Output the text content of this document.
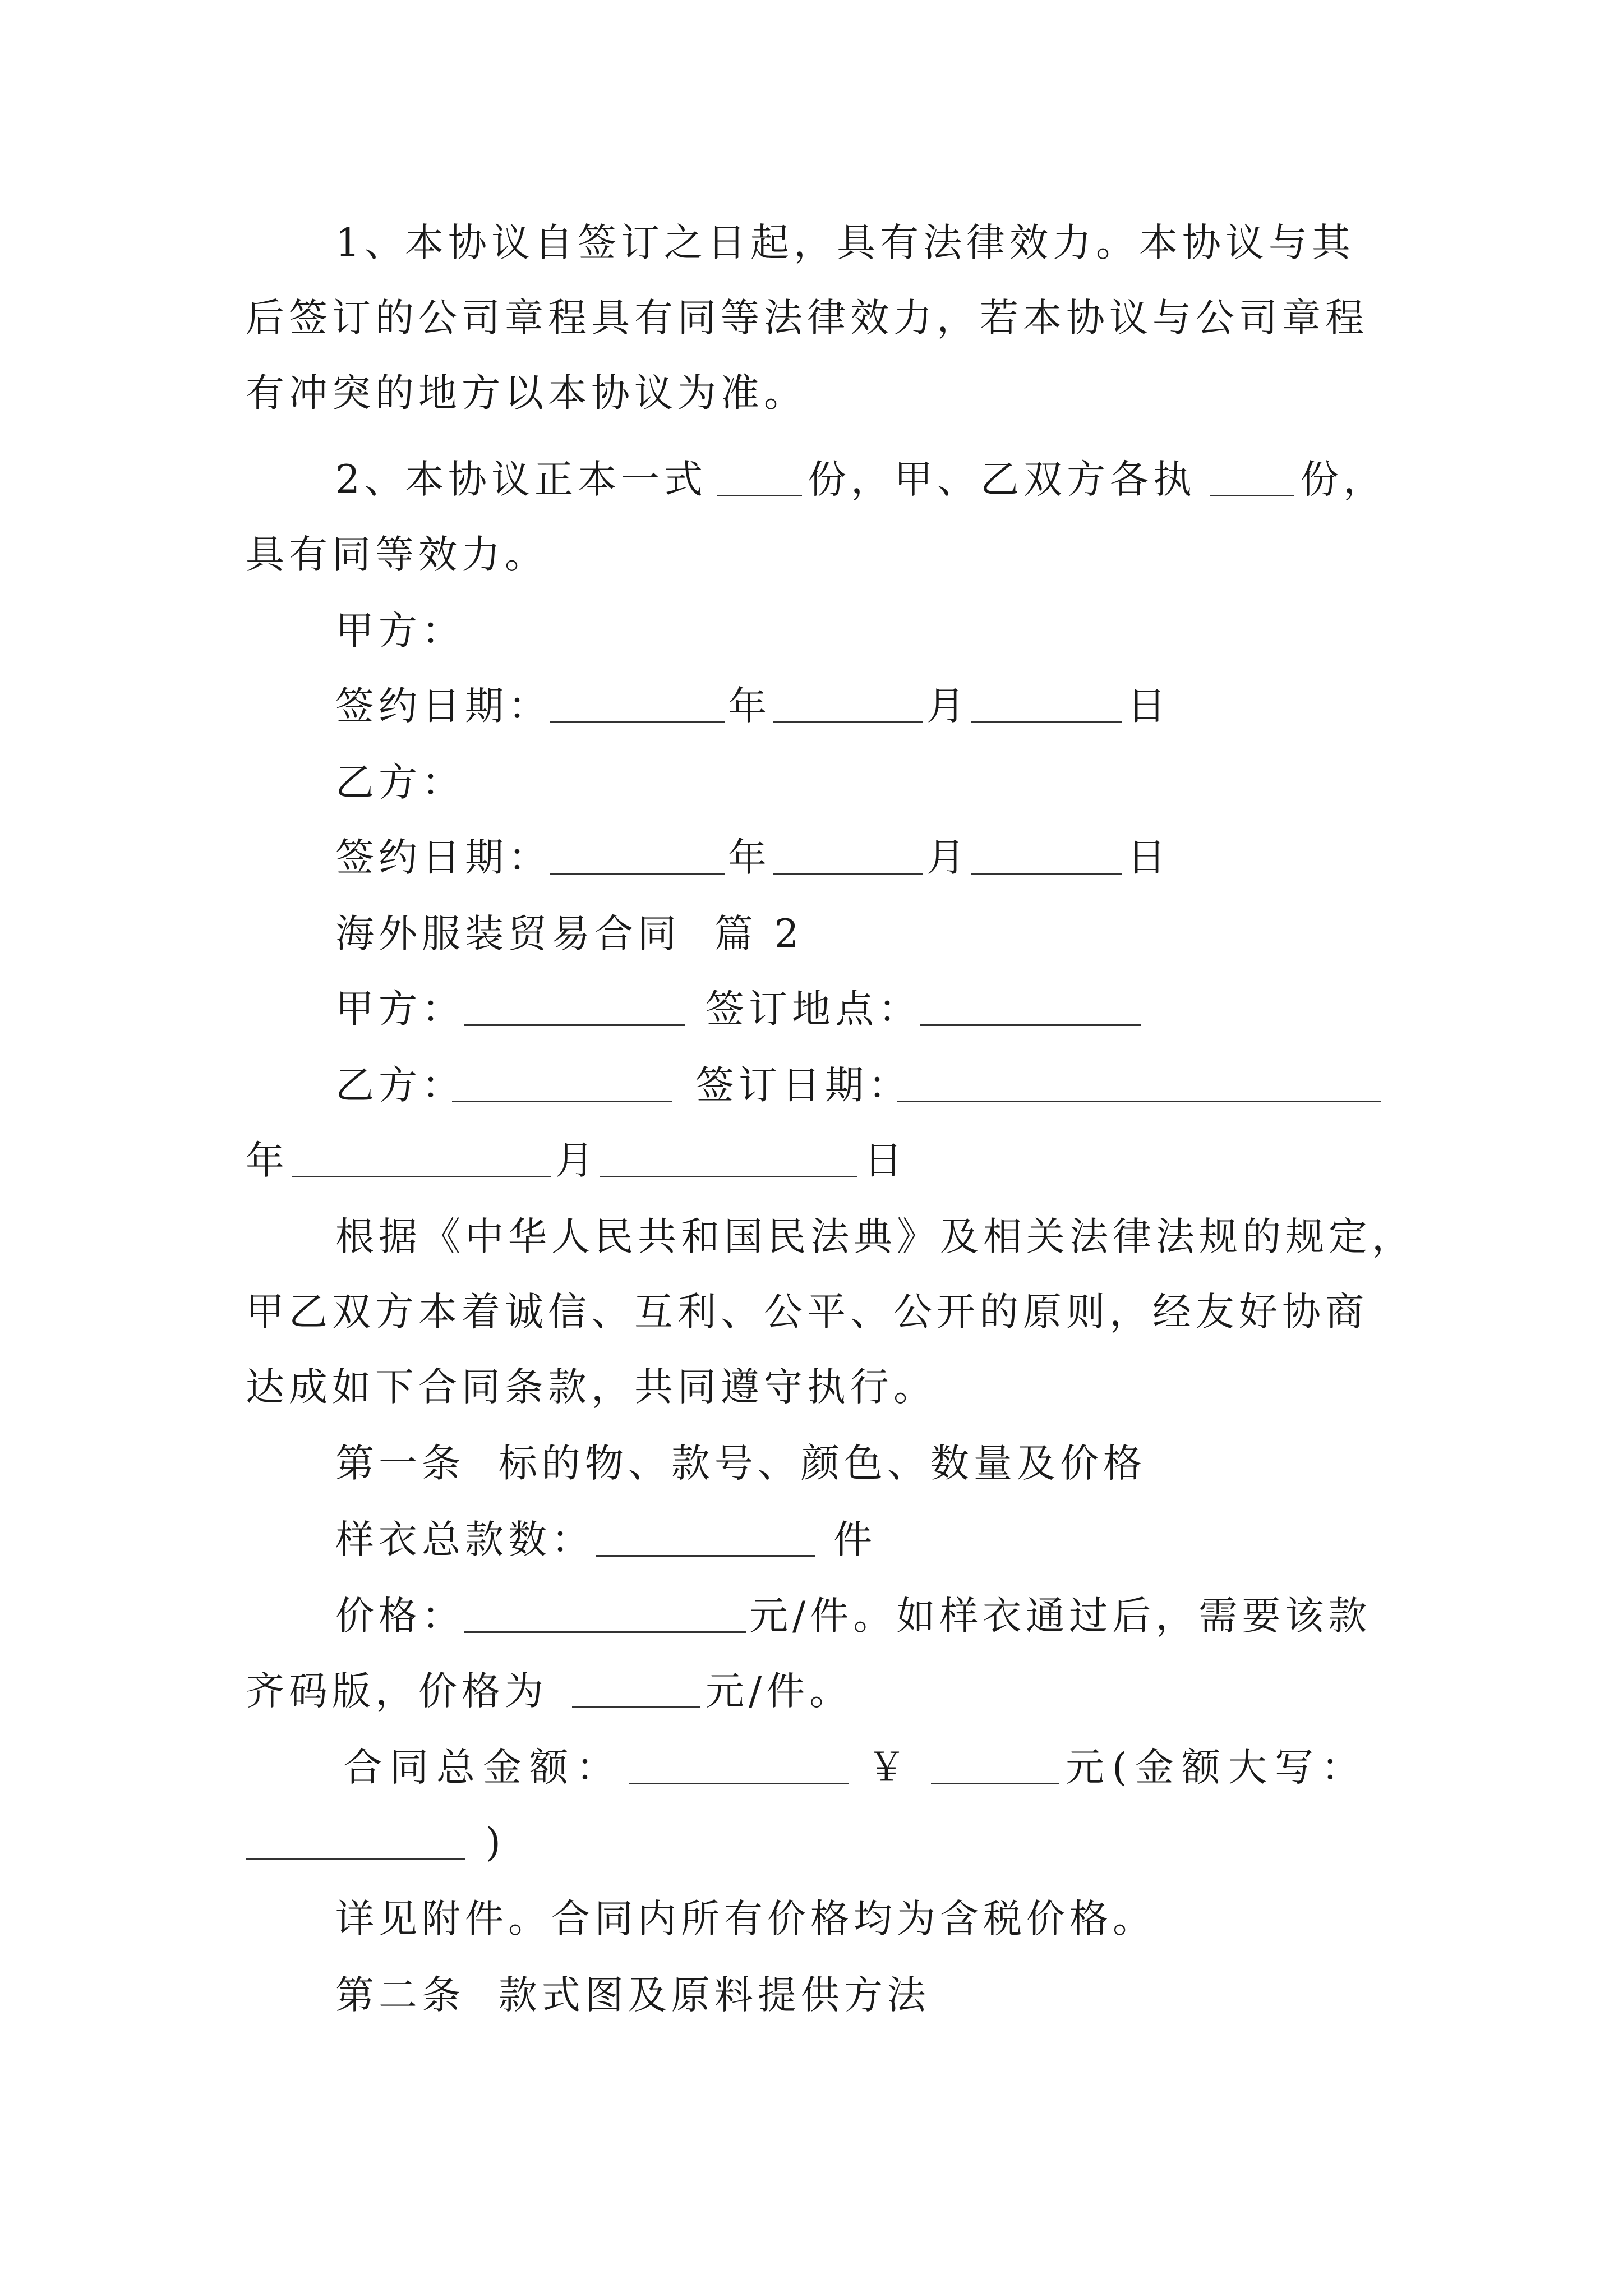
1、
本协议自签订之日起，具有法律效力。本协议与其
后签订的公司章程具有同等法律效力，若本协议与公司章程
有冲突的地方以本协议为准。
2、
本协议正本一式	份，甲、乙双方各执	份，
具有同等效力。
甲方：
签约日期：	年	月	日
乙方：
签约日期：	年	月	日
海外服装贸易合同  篇 2
甲方：	签订地点：
乙方：	签订日期：
年	月	日
根据《中华人民共和国民法典》及相关法律法规的规定，
甲乙双方本着诚信、互利、公平、公开的原则，经友好协商
达成如下合同条款，共同遵守执行。
第一条  标的物、款号、颜色、数量及价格
样衣总款数：	件
价格：	元/件。如样衣通过后，需要该款
齐码版，价格为	元/件。
合同总金额：	￥	元(金额大写：
)
详见附件。合同内所有价格均为含税价格。
第二条  款式图及原料提供方法
